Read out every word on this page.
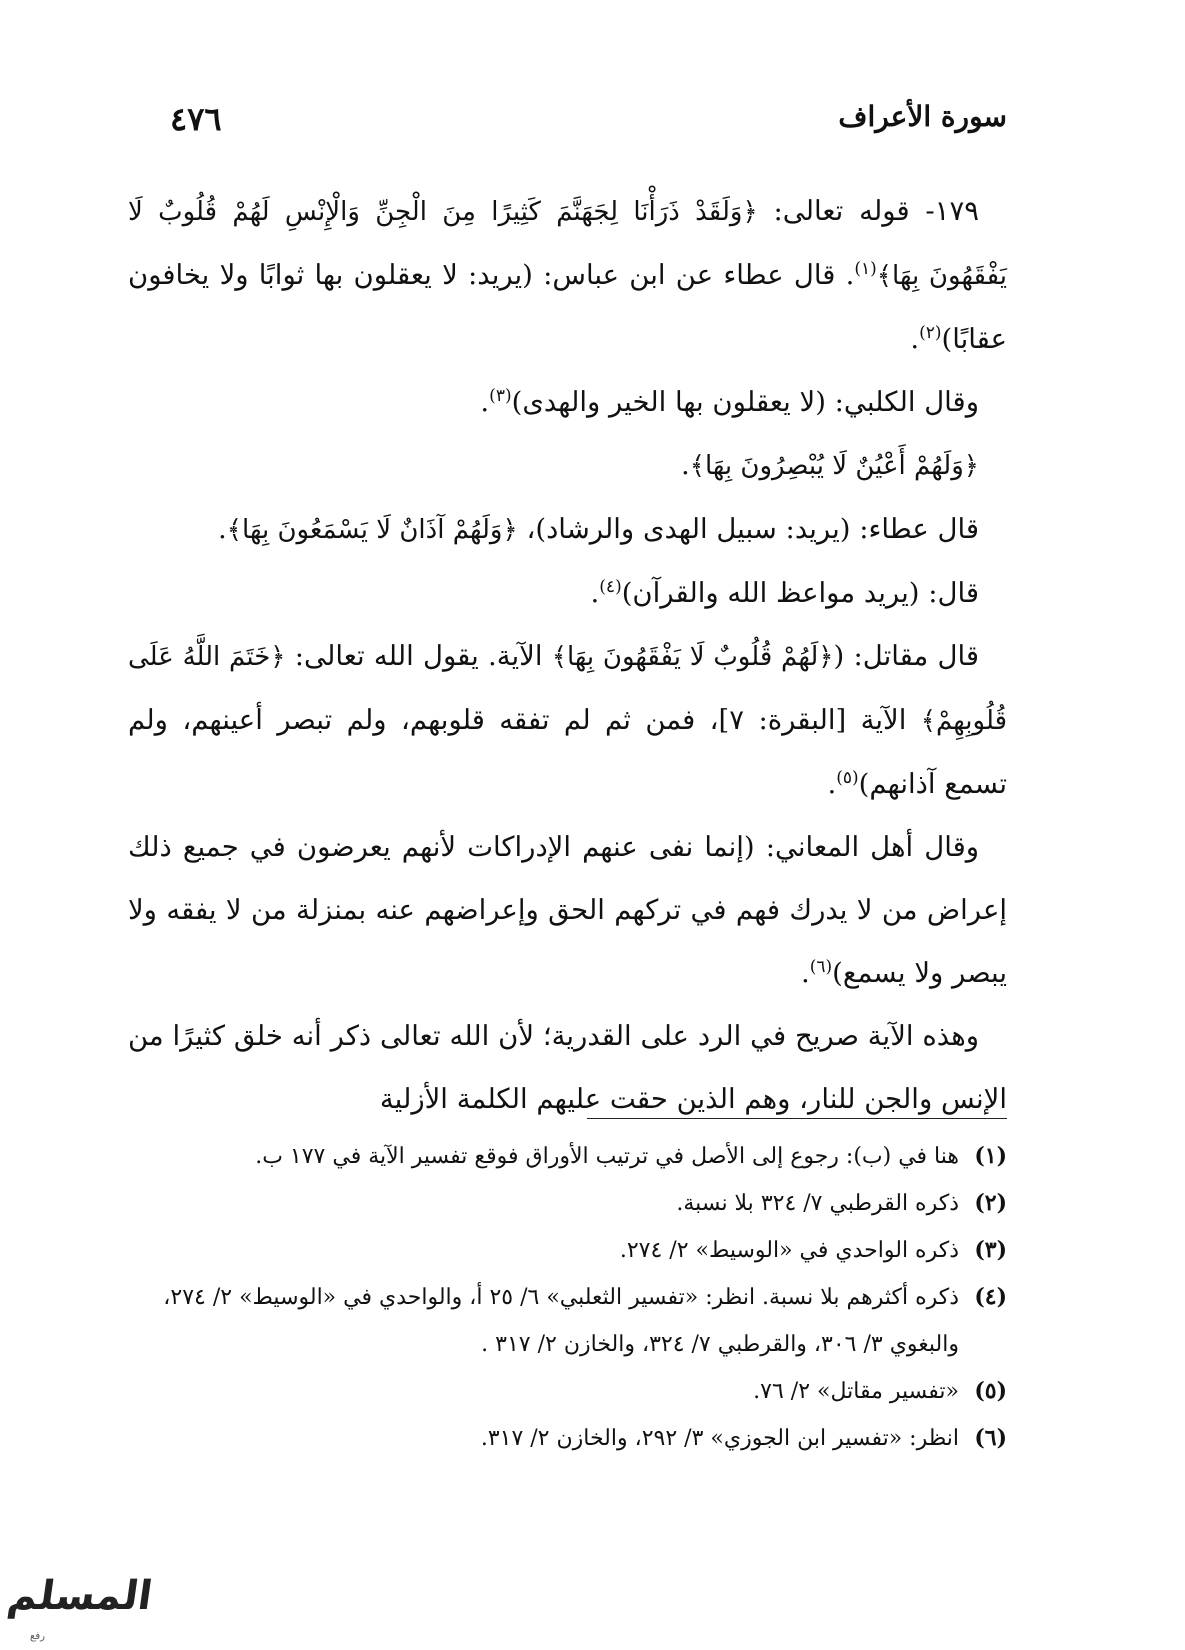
سورة الأعراف
٤٧٦

١٧٩- قوله تعالى: ﴿وَلَقَدْ ذَرَأْنَا لِجَهَنَّمَ كَثِيرًا مِنَ الْجِنِّ وَالْإِنْسِ لَهُمْ قُلُوبٌ لَا يَفْقَهُونَ بِهَا﴾$^{(١)}$. قال عطاء عن ابن عباس: (يريد: لا يعقلون بها ثوابًا ولا يخافون عقابًا)$^{(٢)}$.

وقال الكلبي: (لا يعقلون بها الخير والهدى)$^{(٣)}$.

﴿وَلَهُمْ أَعْيُنٌ لَا يُبْصِرُونَ بِهَا﴾.

قال عطاء: (يريد: سبيل الهدى والرشاد)، ﴿وَلَهُمْ آذَانٌ لَا يَسْمَعُونَ بِهَا﴾.

قال: (يريد مواعظ الله والقرآن)$^{(٤)}$.

قال مقاتل: (﴿لَهُمْ قُلُوبٌ لَا يَفْقَهُونَ بِهَا﴾ الآية. يقول الله تعالى: ﴿خَتَمَ اللَّهُ عَلَى قُلُوبِهِمْ﴾ الآية [البقرة: ٧]، فمن ثم لم تفقه قلوبهم، ولم تبصر أعينهم، ولم تسمع آذانهم)$^{(٥)}$.

وقال أهل المعاني: (إنما نفى عنهم الإدراكات لأنهم يعرضون في جميع ذلك إعراض من لا يدرك فهم في تركهم الحق وإعراضهم عنه بمنزلة من لا يفقه ولا يبصر ولا يسمع)$^{(٦)}$.

وهذه الآية صريح في الرد على القدرية؛ لأن الله تعالى ذكر أنه خلق كثيرًا من الإنس والجن للنار، وهم الذين حقت عليهم الكلمة الأزلية

(١)
هنا في (ب): رجوع إلى الأصل في ترتيب الأوراق فوقع تفسير الآية في ١٧٧ ب.
(٢)
ذكره القرطبي ٧/ ٣٢٤ بلا نسبة.
(٣)
ذكره الواحدي في «الوسيط» ٢/ ٢٧٤.
(٤)
ذكره أكثرهم بلا نسبة. انظر: «تفسير الثعلبي» ٦/ ٢٥ أ، والواحدي في «الوسيط» ٢/ ٢٧٤، والبغوي ٣/ ٣٠٦، والقرطبي ٧/ ٣٢٤، والخازن ٢/ ٣١٧ .
(٥)
«تفسير مقاتل» ٢/ ٧٦.
(٦)
انظر: «تفسير ابن الجوزي» ٣/ ٢٩٢، والخازن ٢/ ٣١٧.
المسلم
رفع
